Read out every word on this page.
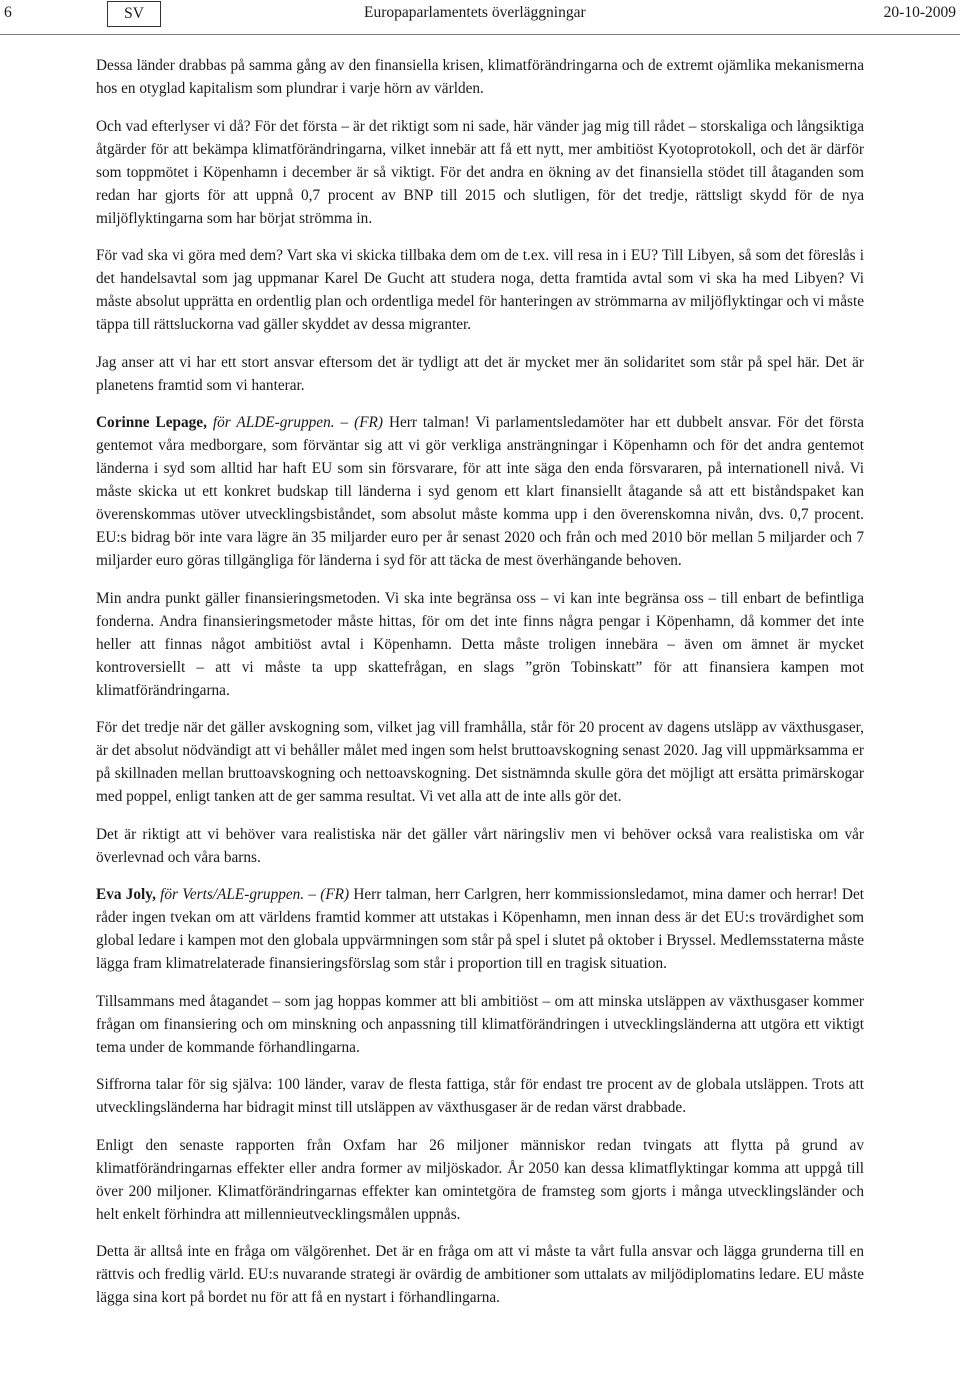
6	SV	Europaparlamentets överläggningar	20-10-2009

Dessa länder drabbas på samma gång av den finansiella krisen, klimatförändringarna och de extremt ojämlika mekanismerna hos en otyglad kapitalism som plundrar i varje hörn av världen.

Och vad efterlyser vi då? För det första – är det riktigt som ni sade, här vänder jag mig till rådet – storskaliga och långsiktiga åtgärder för att bekämpa klimatförändringarna, vilket innebär att få ett nytt, mer ambitiöst Kyotoprotokoll, och det är därför som toppmötet i Köpenhamn i december är så viktigt. För det andra en ökning av det finansiella stödet till åtaganden som redan har gjorts för att uppnå 0,7 procent av BNP till 2015 och slutligen, för det tredje, rättsligt skydd för de nya miljöflyktingarna som har börjat strömma in.

För vad ska vi göra med dem? Vart ska vi skicka tillbaka dem om de t.ex. vill resa in i EU? Till Libyen, så som det föreslås i det handelsavtal som jag uppmanar Karel De Gucht att studera noga, detta framtida avtal som vi ska ha med Libyen? Vi måste absolut upprätta en ordentlig plan och ordentliga medel för hanteringen av strömmarna av miljöflyktingar och vi måste täppa till rättsluckorna vad gäller skyddet av dessa migranter.

Jag anser att vi har ett stort ansvar eftersom det är tydligt att det är mycket mer än solidaritet som står på spel här. Det är planetens framtid som vi hanterar.

Corinne Lepage, för ALDE-gruppen. – (FR) Herr talman! Vi parlamentsledamöter har ett dubbelt ansvar. För det första gentemot våra medborgare, som förväntar sig att vi gör verkliga ansträngningar i Köpenhamn och för det andra gentemot länderna i syd som alltid har haft EU som sin försvarare, för att inte säga den enda försvararen, på internationell nivå. Vi måste skicka ut ett konkret budskap till länderna i syd genom ett klart finansiellt åtagande så att ett biståndspaket kan överenskommas utöver utvecklingsbiståndet, som absolut måste komma upp i den överenskomna nivån, dvs. 0,7 procent. EU:s bidrag bör inte vara lägre än 35 miljarder euro per år senast 2020 och från och med 2010 bör mellan 5 miljarder och 7 miljarder euro göras tillgängliga för länderna i syd för att täcka de mest överhängande behoven.

Min andra punkt gäller finansieringsmetoden. Vi ska inte begränsa oss – vi kan inte begränsa oss – till enbart de befintliga fonderna. Andra finansieringsmetoder måste hittas, för om det inte finns några pengar i Köpenhamn, då kommer det inte heller att finnas något ambitiöst avtal i Köpenhamn. Detta måste troligen innebära – även om ämnet är mycket kontroversiellt – att vi måste ta upp skattefrågan, en slags ”grön Tobinskatt” för att finansiera kampen mot klimatförändringarna.

För det tredje när det gäller avskogning som, vilket jag vill framhålla, står för 20 procent av dagens utsläpp av växthusgaser, är det absolut nödvändigt att vi behåller målet med ingen som helst bruttoavskogning senast 2020. Jag vill uppmärksamma er på skillnaden mellan bruttoavskogning och nettoavskogning. Det sistnämnda skulle göra det möjligt att ersätta primärskogar med poppel, enligt tanken att de ger samma resultat. Vi vet alla att de inte alls gör det.

Det är riktigt att vi behöver vara realistiska när det gäller vårt näringsliv men vi behöver också vara realistiska om vår överlevnad och våra barns.

Eva Joly, för Verts/ALE-gruppen. – (FR) Herr talman, herr Carlgren, herr kommissionsledamot, mina damer och herrar! Det råder ingen tvekan om att världens framtid kommer att utstakas i Köpenhamn, men innan dess är det EU:s trovärdighet som global ledare i kampen mot den globala uppvärmningen som står på spel i slutet på oktober i Bryssel. Medlemsstaterna måste lägga fram klimatrelaterade finansieringsförslag som står i proportion till en tragisk situation.

Tillsammans med åtagandet – som jag hoppas kommer att bli ambitiöst – om att minska utsläppen av växthusgaser kommer frågan om finansiering och om minskning och anpassning till klimatförändringen i utvecklingsländerna att utgöra ett viktigt tema under de kommande förhandlingarna.

Siffrorna talar för sig själva: 100 länder, varav de flesta fattiga, står för endast tre procent av de globala utsläppen. Trots att utvecklingsländerna har bidragit minst till utsläppen av växthusgaser är de redan värst drabbade.

Enligt den senaste rapporten från Oxfam har 26 miljoner människor redan tvingats att flytta på grund av klimatförändringarnas effekter eller andra former av miljöskador. År 2050 kan dessa klimatflyktingar komma att uppgå till över 200 miljoner. Klimatförändringarnas effekter kan omintetgöra de framsteg som gjorts i många utvecklingsländer och helt enkelt förhindra att millennieutvecklingsmålen uppnås.

Detta är alltså inte en fråga om välgörenhet. Det är en fråga om att vi måste ta vårt fulla ansvar och lägga grunderna till en rättvis och fredlig värld. EU:s nuvarande strategi är ovärdig de ambitioner som uttalats av miljödiplomatins ledare. EU måste lägga sina kort på bordet nu för att få en nystart i förhandlingarna.
